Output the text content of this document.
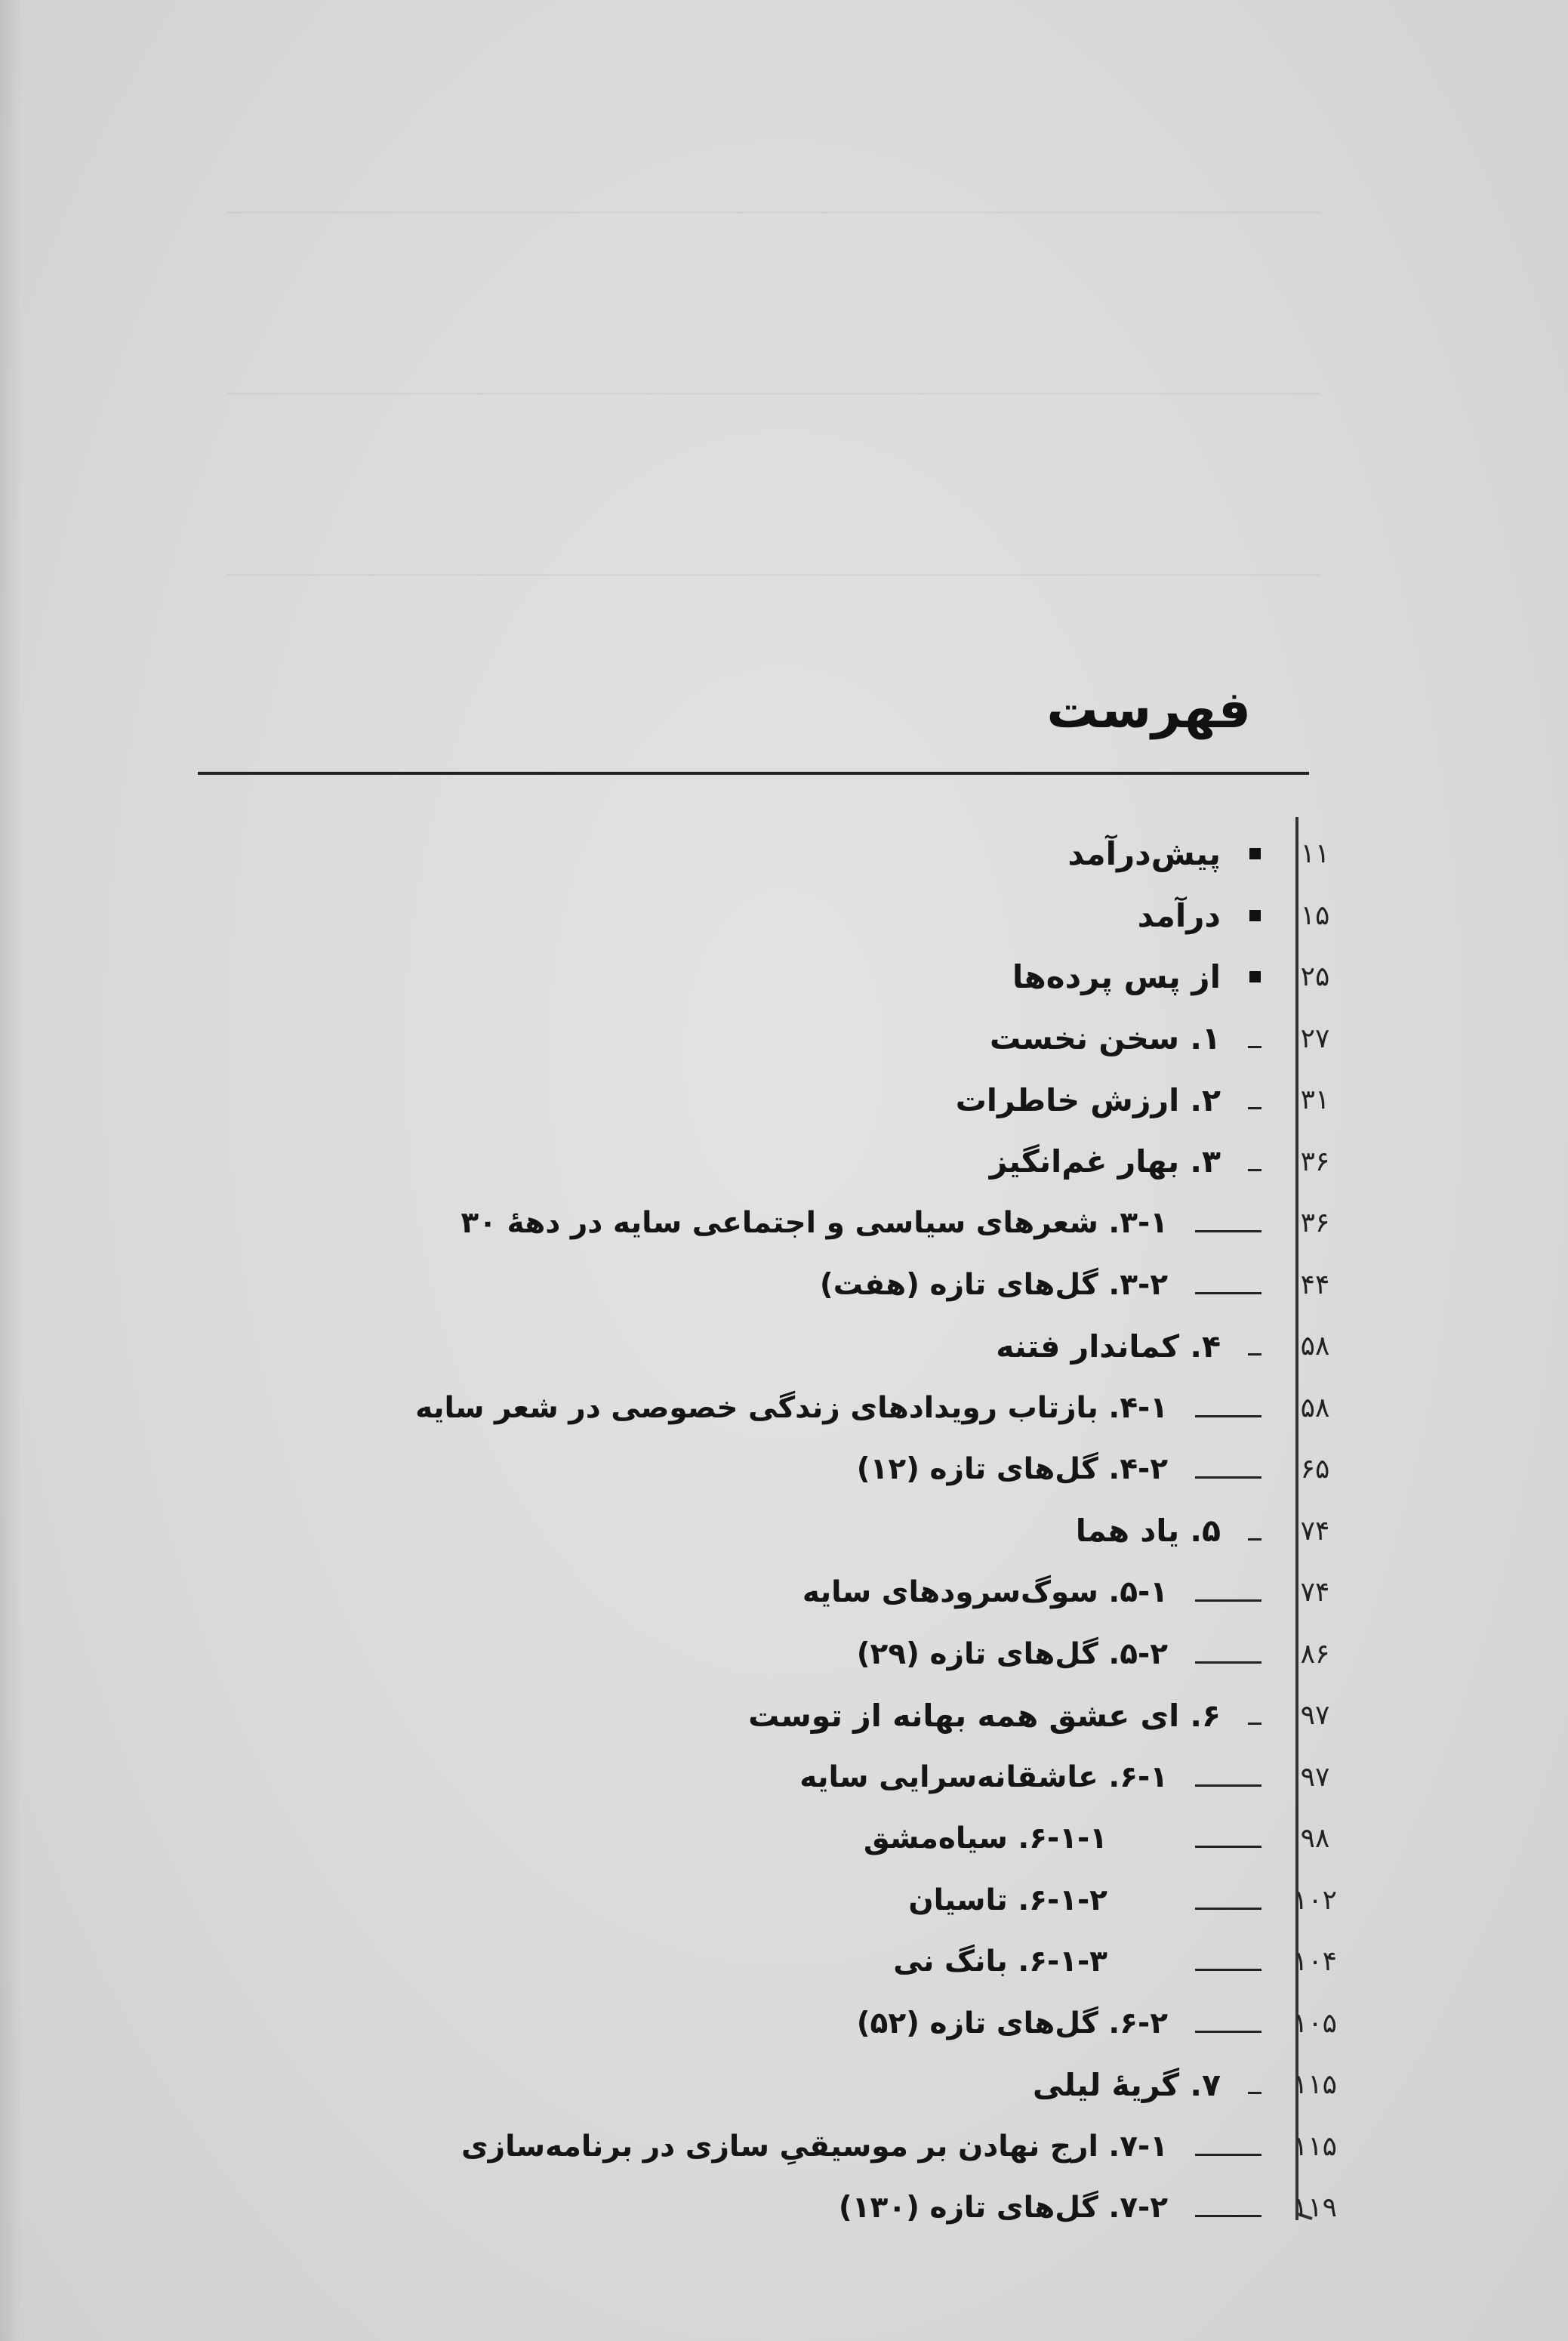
فهرست
۱۱
پیش‌درآمد
۱۵
درآمد
۲۵
از پس پرده‌ها
۲۷
۱. سخن نخست
۳۱
۲. ارزش خاطرات
۳۶
۳. بهار غم‌انگیز
۳۶
۳-۱. شعرهای سیاسی و اجتماعی سایه در دههٔ ۳۰
۴۴
۳-۲. گل‌های تازه (هفت)
۵۸
۴. کماندار فتنه
۵۸
۴-۱. بازتاب رویدادهای زندگی خصوصی در شعر سایه
۶۵
۴-۲. گل‌های تازه (۱۲)
۷۴
۵. یاد هما
۷۴
۵-۱. سوگ‌سرودهای سایه
۸۶
۵-۲. گل‌های تازه (۲۹)
۹۷
۶. ای عشق همه بهانه از توست
۹۷
۶-۱. عاشقانه‌سرایی سایه
۹۸
۶-۱-۱. سیاه‌مشق
۱۰۲
۶-۱-۲. تاسیان
۱۰۴
۶-۱-۳. بانگ نی
۱۰۵
۶-۲. گل‌های تازه (۵۲)
۱۱۵
۷. گریهٔ لیلی
۱۱۵
۷-۱. ارج نهادن بر موسیقیِ سازی در برنامه‌سازی
۱۱۹
۷-۲. گل‌های تازه (۱۳۰)
